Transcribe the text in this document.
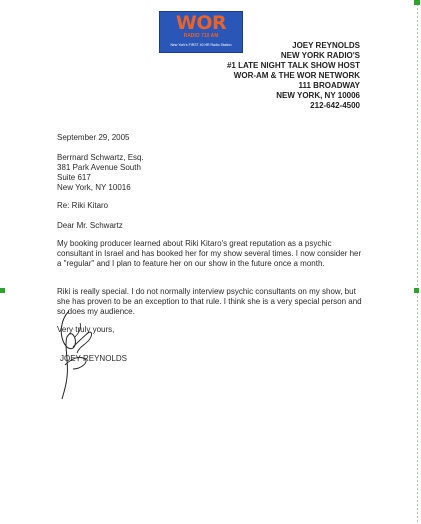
WOR
RADIO 710 AM
New York's FIRST 40 HR Radio Station	JOEY REYNOLDS
NEW YORK RADIO'S
#1 LATE NIGHT TALK SHOW HOST
WOR-AM & THE WOR NETWORK
111 BROADWAY
NEW YORK, NY 10006
212-642-4500
September 29, 2005
Berrnard Schwartz, Esq.
381 Park Avenue South
Suite 617
New York, NY 10016
Re: Riki Kitaro
Dear Mr. Schwartz
My booking producer learned about Riki Kitaro's great reputation as a psychic consultant in Israel and has booked her for my show several times. I now consider her a "regular" and I plan to feature her on our show in the future once a month.
Riki is really special. I do not normally interview psychic consultants on my show, but she has proven to be an exception to that rule. I think she is a very special person and so does my audience.
Very truly yours,
JOEY REYNOLDS
